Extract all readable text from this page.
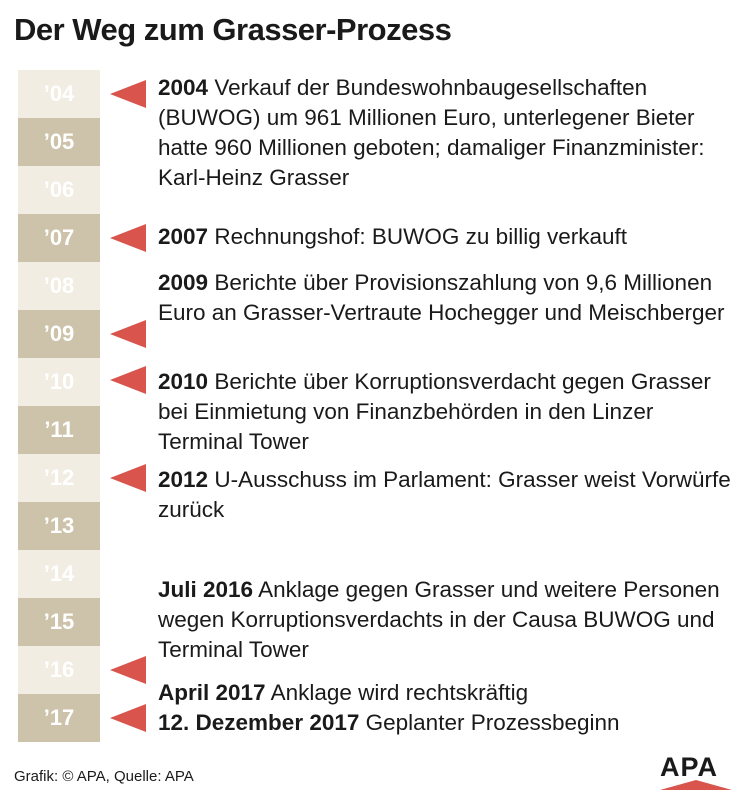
Der Weg zum Grasser-Prozess
’04
’05
’06
’07
’08
’09
’10
’11
’12
’13
’14
’15
’16
’17
2004 Verkauf der Bundeswohnbaugesellschaften (BUWOG) um 961 Millionen Euro, unterlegener Bieter hatte 960 Millionen geboten; damaliger Finanzminister: Karl-Heinz Grasser
2007 Rechnungshof: BUWOG zu billig verkauft
2009 Berichte über Provisionszahlung von 9,6 Millionen Euro an Grasser-Vertraute Hochegger und Meischberger
2010 Berichte über Korruptionsverdacht gegen Grasser bei Einmietung von Finanzbehörden in den Linzer Terminal Tower
2012 U-Ausschuss im Parlament: Grasser weist Vorwürfe zurück
Juli 2016 Anklage gegen Grasser und weitere Personen wegen Korruptionsverdachts in der Causa BUWOG und Terminal Tower
April 2017 Anklage wird rechtskräftig
12. Dezember 2017 Geplanter Prozessbeginn
Grafik: © APA, Quelle: APA	APA
